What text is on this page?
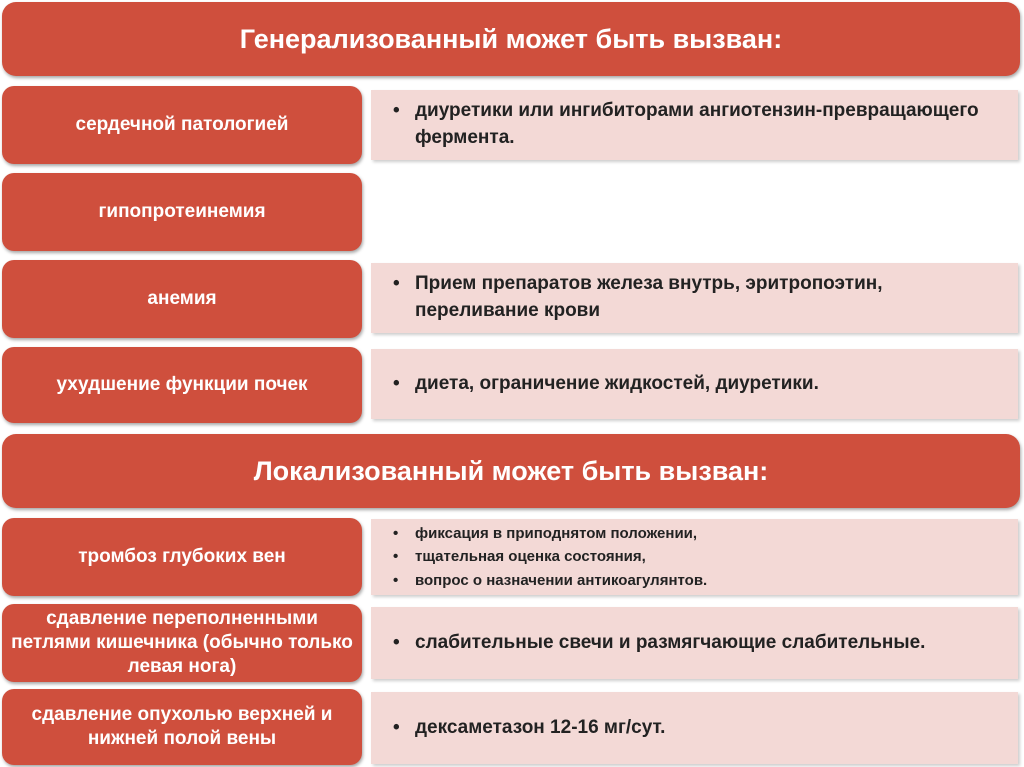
Генерализованный может быть вызван:
сердечной патологией
• диуретики или ингибиторами ангиотензин-превращающего фермента.
гипопротеинемия
анемия
• Прием препаратов железа внутрь, эритропоэтин, переливание крови
ухудшение функции почек
•	диета, ограничение жидкостей, диуретики.
Локализованный может быть вызван:
тромбоз глубоких вен
• фиксация в приподнятом положении,
• тщательная оценка состояния,
• вопрос о назначении антикоагулянтов.
сдавление переполненными петлями кишечника (обычно только левая нога)
• слабительные свечи и размягчающие слабительные.
сдавление опухолью верхней и нижней полой вены
• дексаметазон 12-16 мг/сут.
